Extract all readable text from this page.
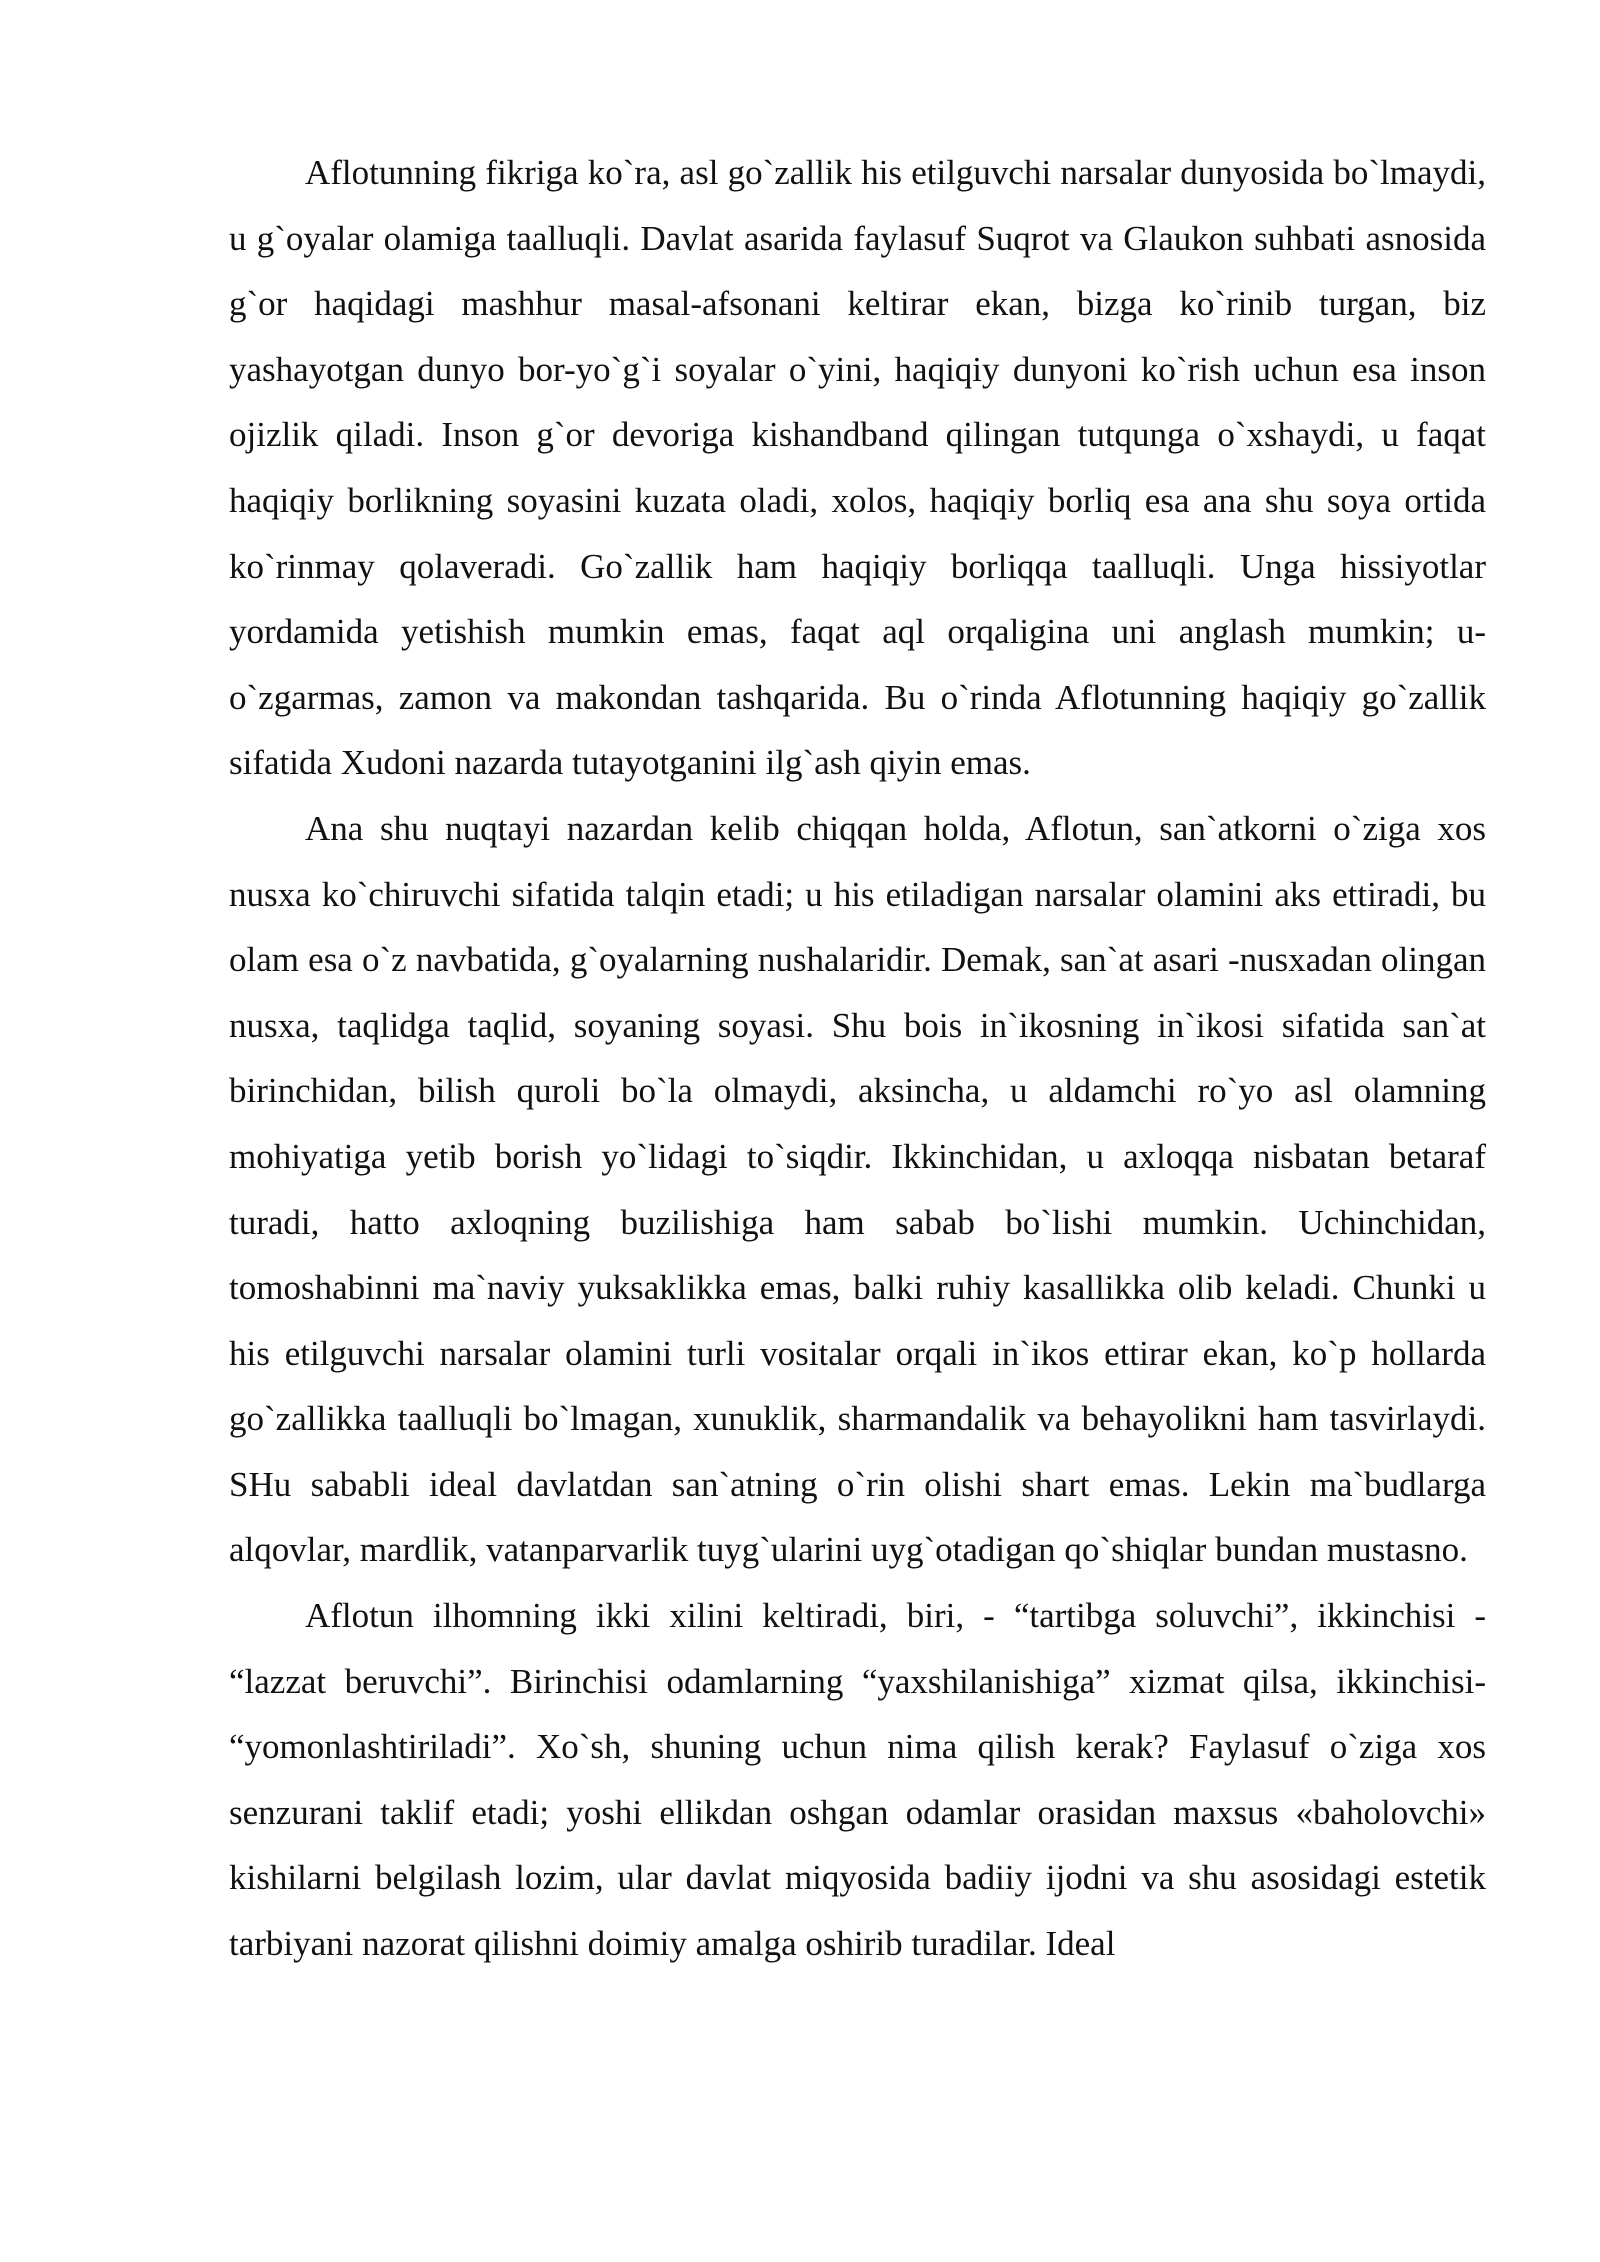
Aflotunning fikriga ko`ra, asl go`zallik his etilguvchi narsalar dunyosida bo`lmaydi, u g`oyalar olamiga taalluqli. Davlat asarida faylasuf Suqrot va Glaukon suhbati asnosida g`or haqidagi mashhur masal-afsonani keltirar ekan, bizga ko`rinib turgan, biz yashayotgan dunyo bor-yo`g`i soyalar o`yini, haqiqiy dunyoni ko`rish uchun esa inson ojizlik qiladi. Inson g`or devoriga kishandband qilingan tutqunga o`xshaydi, u faqat haqiqiy borlikning soyasini kuzata oladi, xolos, haqiqiy borliq esa ana shu soya ortida ko`rinmay qolaveradi. Go`zallik ham haqiqiy borliqqa taalluqli. Unga hissiyotlar yordamida yetishish mumkin emas, faqat aql orqaligina uni anglash mumkin; u-o`zgarmas, zamon va makondan tashqarida. Bu o`rinda Aflotunning haqiqiy go`zallik sifatida Xudoni nazarda tutayotganini ilg`ash qiyin emas.

Ana shu nuqtayi nazardan kelib chiqqan holda, Aflotun, san`atkorni o`ziga xos nusxa ko`chiruvchi sifatida talqin etadi; u his etiladigan narsalar olamini aks ettiradi, bu olam esa o`z navbatida, g`oyalarning nushalaridir. Demak, san`at asari -nusxadan olingan nusxa, taqlidga taqlid, soyaning soyasi. Shu bois in`ikosning in`ikosi sifatida san`at birinchidan, bilish quroli bo`la olmaydi, aksincha, u aldamchi ro`yo asl olamning mohiyatiga yetib borish yo`lidagi to`siqdir. Ikkinchidan, u axloqqa nisbatan betaraf turadi, hatto axloqning buzilishiga ham sabab bo`lishi mumkin. Uchinchidan, tomoshabinni ma`naviy yuksaklikka emas, balki ruhiy kasallikka olib keladi. Chunki u his etilguvchi narsalar olamini turli vositalar orqali in`ikos ettirar ekan, ko`p hollarda go`zallikka taalluqli bo`lmagan, xunuklik, sharmandalik va behayolikni ham tasvirlaydi. SHu sababli ideal davlatdan san`atning o`rin olishi shart emas. Lekin ma`budlarga alqovlar, mardlik, vatanparvarlik tuyg`ularini uyg`otadigan qo`shiqlar bundan mustasno.

Aflotun ilhomning ikki xilini keltiradi, biri, - “tartibga soluvchi”, ikkinchisi - “lazzat beruvchi”. Birinchisi odamlarning “yaxshilanishiga” xizmat qilsa, ikkinchisi- “yomonlashtiriladi”. Xo`sh, shuning uchun nima qilish kerak? Faylasuf o`ziga xos senzurani taklif etadi; yoshi ellikdan oshgan odamlar orasidan maxsus «baholovchi» kishilarni belgilash lozim, ular davlat miqyosida badiiy ijodni va shu asosidagi estetik tarbiyani nazorat qilishni doimiy amalga oshirib turadilar. Ideal
